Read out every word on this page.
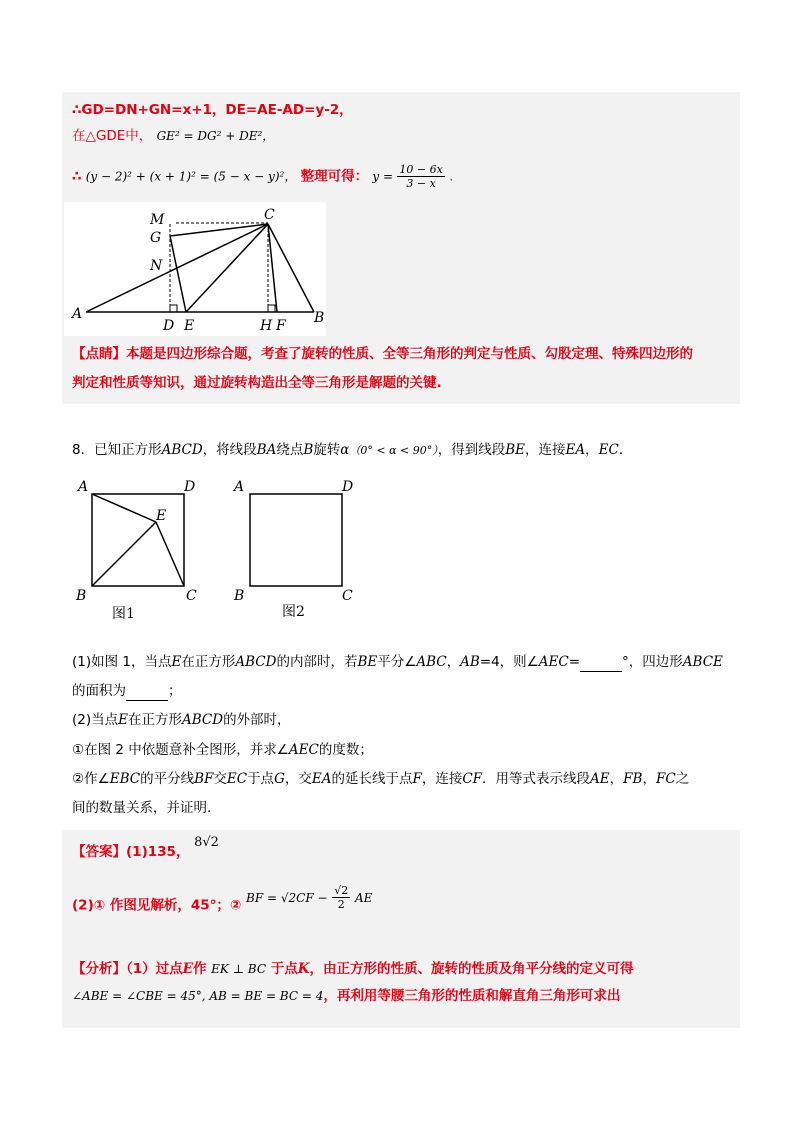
∴GD=DN+GN=x+1，DE=AE-AD=y-2，
在△GDE中， GE² = DG² + DE²，
∴ (y − 2)² + (x + 1)² = (5 − x − y)²， 整理可得： $y = \frac{10 - 6x}{3 - x}$ .
M
G
N
C
A
D E	H F B
【点睛】本题是四边形综合题，考查了旋转的性质、全等三角形的判定与性质、勾股定理、特殊四边形的
判定和性质等知识，通过旋转构造出全等三角形是解题的关键.
8．已知正方形ABCD，将线段BA绕点B旋转α（0° < α < 90°），得到线段BE，连接EA，EC．
A	D
E
B	C
图1
A	D
B	C
图2
(1)如图 1，当点E在正方形ABCD的内部时，若BE平分∠ABC，AB=4，则∠AEC=	°，四边形ABCE
的面积为	；
(2)当点E在正方形ABCD的外部时，
①在图 2 中依题意补全图形，并求∠AEC的度数；
②作∠EBC的平分线BF交EC于点G，交EA的延长线于点F，连接CF．用等式表示线段AE，FB，FC之
间的数量关系，并证明.
【答案】(1)135， 8√2
(2)① 作图见解析，45°；② BF = $√2CF - \frac{√2}{2}$ AE
【分析】（1）过点E作 EK ⊥ BC 于点K，由正方形的性质、旋转的性质及角平分线的定义可得
∠ABE = ∠CBE = 45°, AB = BE = BC = 4，再利用等腰三角形的性质和解直角三角形可求出
